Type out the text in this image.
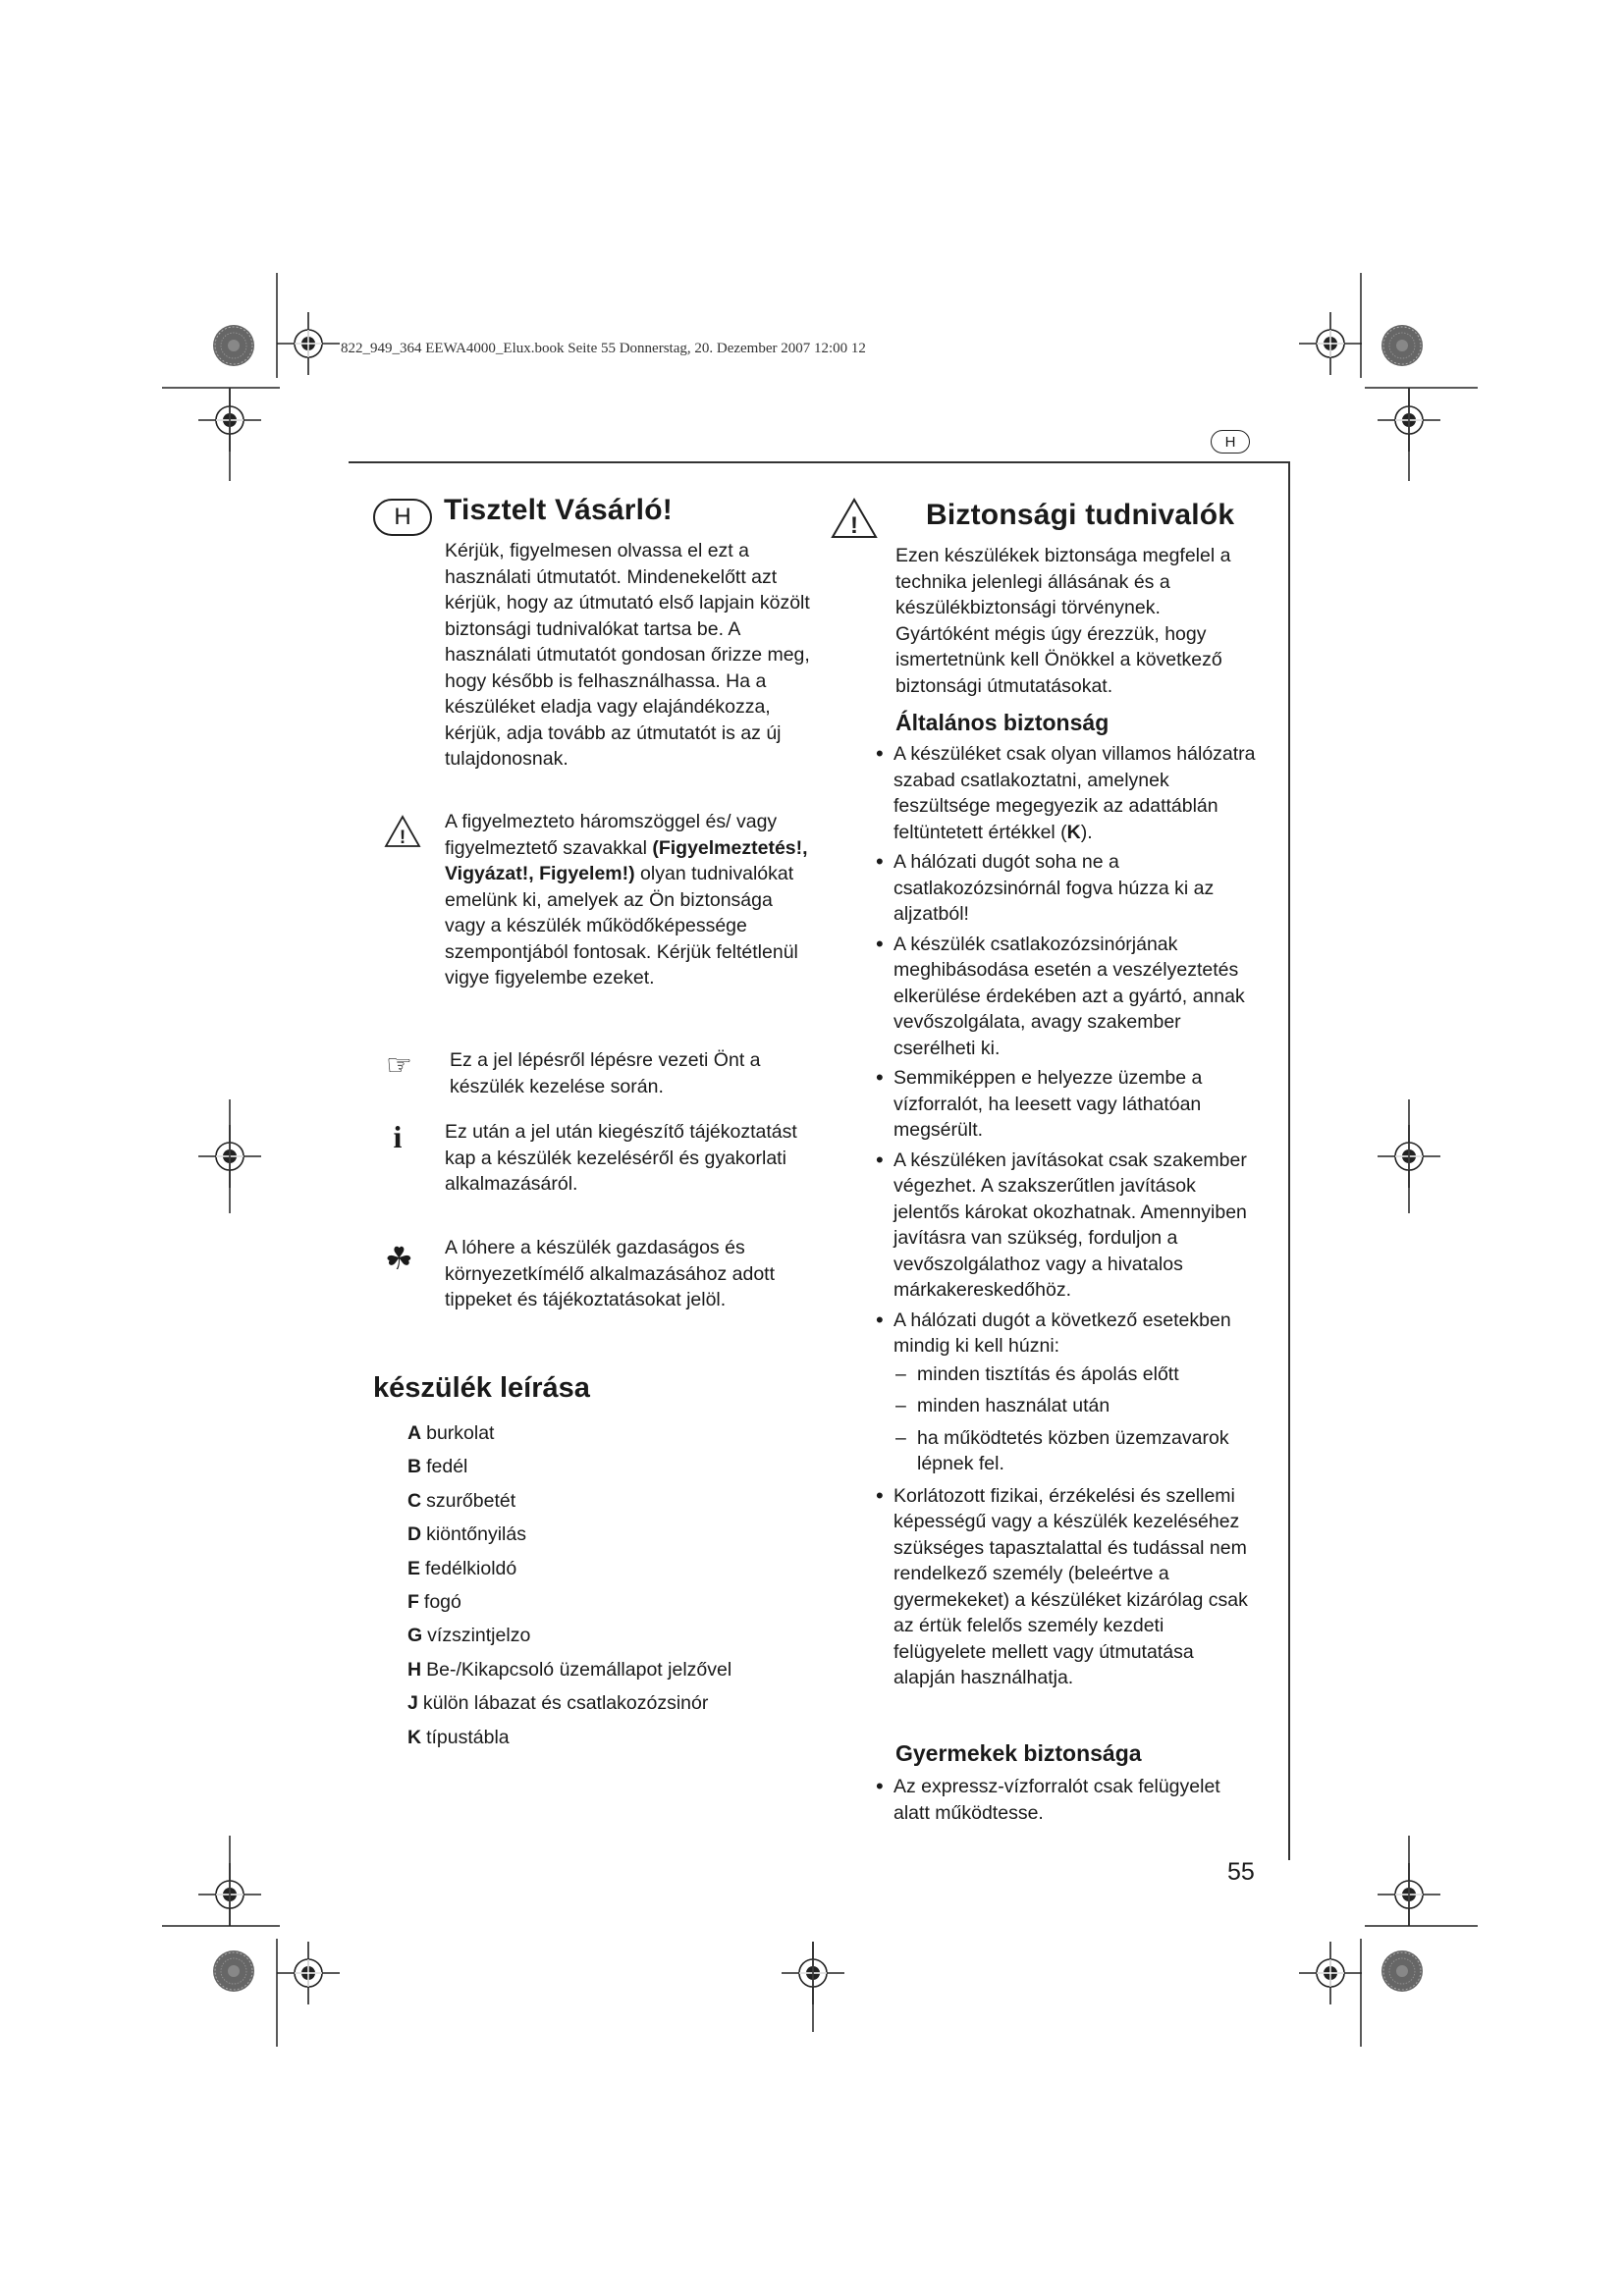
822_949_364 EEWA4000_Elux.book Seite 55 Donnerstag, 20. Dezember 2007 12:00 12
H
H	Tisztelt Vásárló!

Kérjük, figyelmesen olvassa el ezt a használati útmutatót. Mindenekelőtt azt kérjük, hogy az útmutató első lapjain közölt biztonsági tudnivalókat tartsa be. A használati útmutatót gondosan őrizze meg, hogy később is felhasználhassa. Ha a készüléket eladja vagy elajándékozza, kérjük, adja tovább az útmutatót is az új tulajdonosnak.

!

A figyelmezteto háromszöggel és/ vagy figyelmeztető szavakkal (Figyelmeztetés!, Vigyázat!, Figyelem!) olyan tudnivalókat emelünk ki, amelyek az Ön biztonsága vagy a készülék működőképessége szempontjából fontosak. Kérjük feltétlenül vigye figyelembe ezeket.

☞ Ez a jel lépésről lépésre vezeti Önt a készülék kezelése során.

i	Ez után a jel után kiegészítő tájékoztatást kap a készülék kezeléséről és gyakorlati alkalmazásáról.

☘ A lóhere a készülék gazdaságos és környezetkímélő alkalmazásához adott tippeket és tájékoztatásokat jelöl.

készülék leírása
A burkolat
B fedél
C szurőbetét
D kiöntőnyilás
E fedélkioldó
F fogó
G vízszintjelzo
H Be-/Kikapcsoló üzemállapot jelzővel
J külön lábazat és csatlakozózsinór
K típustábla
! Biztonsági tudnivalók

Ezen készülékek biztonsága megfelel a technika jelenlegi állásának és a készülékbiztonsági törvénynek. Gyártóként mégis úgy érezzük, hogy ismertetnünk kell Önökkel a következő biztonsági útmutatásokat.

Általános biztonság
• A készüléket csak olyan villamos hálózatra szabad csatlakoztatni, amelynek feszültsége megegyezik az adattáblán feltüntetett értékkel (K).
• A hálózati dugót soha ne a csatlakozózsinórnál fogva húzza ki az aljzatból!
• A készülék csatlakozózsinórjának meghibásodása esetén a veszélyeztetés elkerülése érdekében azt a gyártó, annak vevőszolgálata, avagy szakember cserélheti ki.
• Semmiképpen e helyezze üzembe a vízforralót, ha leesett vagy láthatóan megsérült.
• A készüléken javításokat csak szakember végezhet. A szakszerűtlen javítások jelentős károkat okozhatnak. Amennyiben javításra van szükség, forduljon a vevőszolgálathoz vagy a hivatalos márkakereskedőhöz.
• A hálózati dugót a következő esetekben mindig ki kell húzni:
– minden tisztítás és ápolás előtt
– minden használat után
– ha működtetés közben üzemzavarok lépnek fel.
• Korlátozott fizikai, érzékelési és szellemi képességű vagy a készülék kezeléséhez szükséges tapasztalattal és tudással nem rendelkező személy (beleértve a gyermekeket) a készüléket kizárólag csak az értük felelős személy kezdeti felügyelete mellett vagy útmutatása alapján használhatja.
Gyermekek biztonsága
• Az expressz-vízforralót csak felügyelet alatt működtesse.
55
